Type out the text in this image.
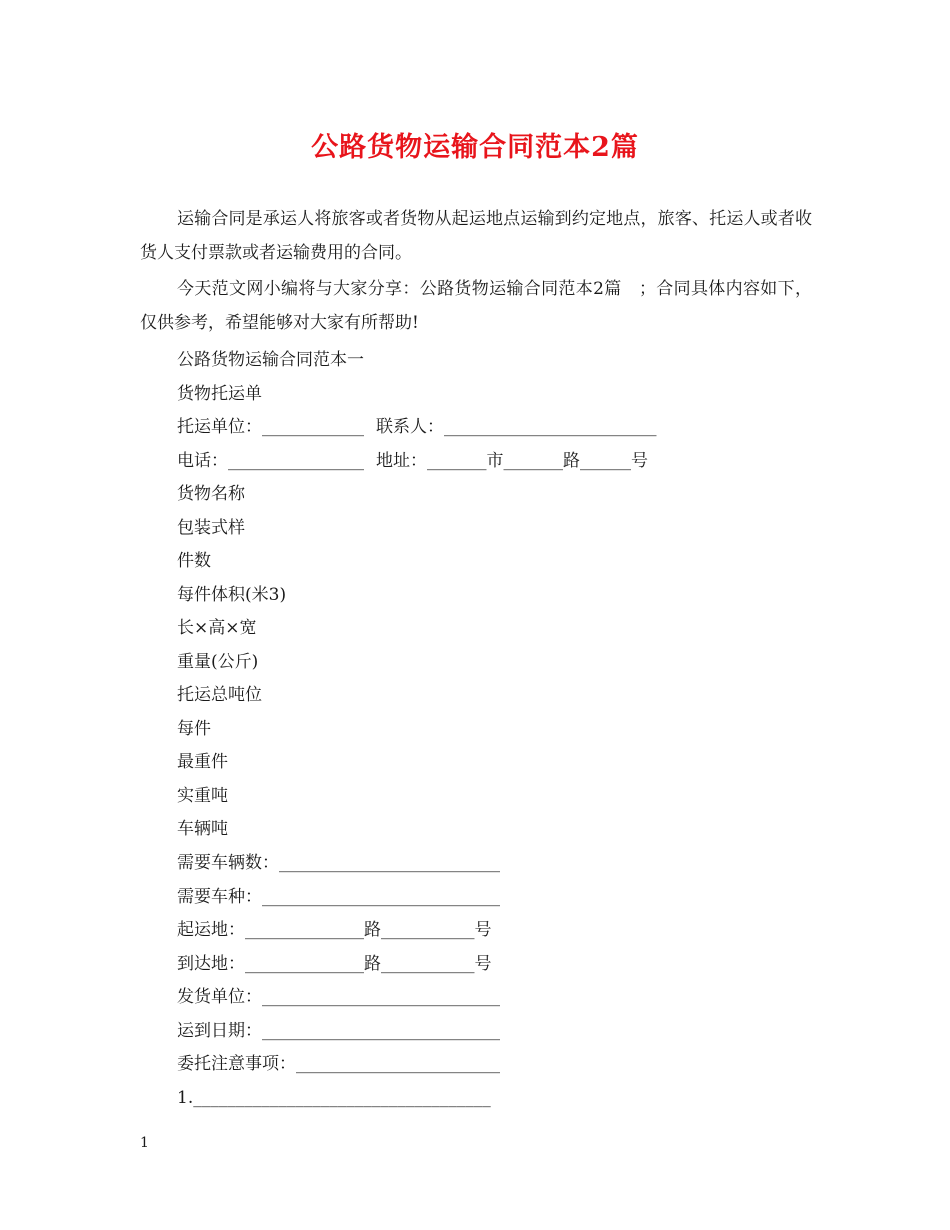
公路货物运输合同范本2篇
运输合同是承运人将旅客或者货物从起运地点运输到约定地点，旅客、托运人或者收货人支付票款或者运输费用的合同。
今天范文网小编将与大家分享：公路货物运输合同范本2篇　；合同具体内容如下，仅供参考，希望能够对大家有所帮助!
公路货物运输合同范本一
货物托运单
托运单位：____________ 联系人：_________________________
电话：________________ 地址：_______市_______路______号
货物名称
包装式样
件数
每件体积(米3)
长×高×宽
重量(公斤)
托运总吨位
每件
最重件
实重吨
车辆吨
需要车辆数：__________________________
需要车种：____________________________
起运地：______________路___________号
到达地：______________路___________号
发货单位：____________________________
运到日期：____________________________
委托注意事项：________________________
1.___________________________________
1
